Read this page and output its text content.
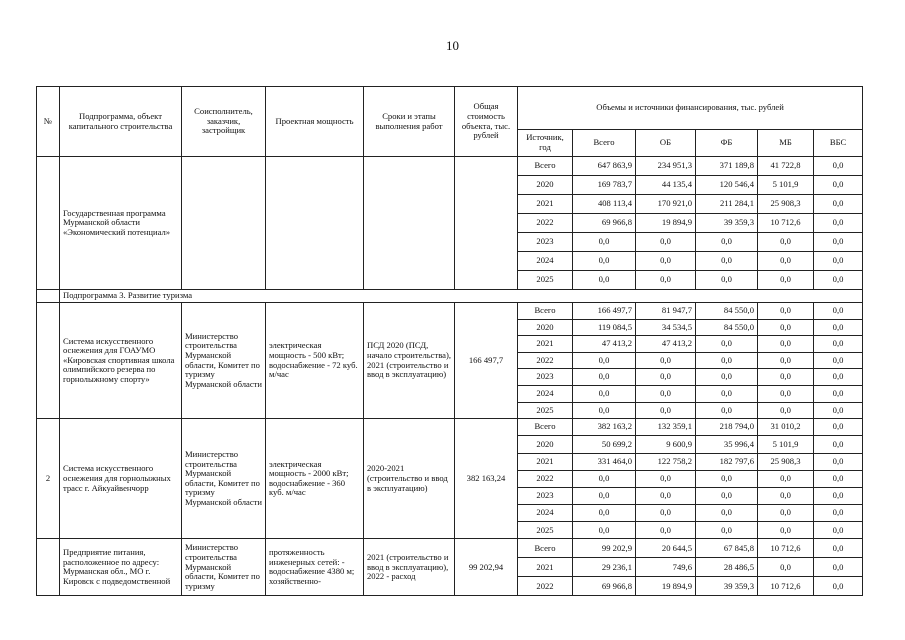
10
№	Подпрограмма, объект капитального строительства	Соисполнитель, заказчик, застройщик	Проектная мощность	Сроки и этапы выполнения работ	Общая стоимость объекта, тыс. рублей	Объемы и источники финансирования, тыс. рублей					
						Источник, год	Всего	ОБ	ФБ	МБ	ВБС
	Государственная программа Мурманской области «Экономический потенциал»					Всего	647 863,9	234 951,3	371 189,8	41 722,8	0,0
						2020	169 783,7	44 135,4	120 546,4	5 101,9	0,0
						2021	408 113,4	170 921,0	211 284,1	25 908,3	0,0
						2022	69 966,8	19 894,9	39 359,3	10 712,6	0,0
						2023	0,0	0,0	0,0	0,0	0,0
						2024	0,0	0,0	0,0	0,0	0,0
						2025	0,0	0,0	0,0	0,0	0,0
	Подпрограмма 3. Развитие туризма										
	Система искусственного оснежения для ГОАУМО «Кировская спортивная школа олимпийского резерва по горнолыжному спорту»	Министерство строительства Мурманской области, Комитет по туризму Мурманской области	электрическая мощность - 500 кВт; водоснабжение - 72 куб. м/час	ПСД 2020 (ПСД, начало строительства), 2021 (строительство и ввод в эксплуатацию)	166 497,7	Всего	166 497,7	81 947,7	84 550,0	0,0	0,0
						2020	119 084,5	34 534,5	84 550,0	0,0	0,0
						2021	47 413,2	47 413,2	0,0	0,0	0,0
						2022	0,0	0,0	0,0	0,0	0,0
						2023	0,0	0,0	0,0	0,0	0,0
						2024	0,0	0,0	0,0	0,0	0,0
						2025	0,0	0,0	0,0	0,0	0,0
2	Система искусственного оснежения для горнолыжных трасс г. Айкуайвенчорр	Министерство строительства Мурманской области, Комитет по туризму Мурманской области	электрическая мощность - 2000 кВт; водоснабжение - 360 куб. м/час	2020-2021 (строительство и ввод в эксплуатацию)	382 163,24	Всего	382 163,2	132 359,1	218 794,0	31 010,2	0,0
						2020	50 699,2	9 600,9	35 996,4	5 101,9	0,0
						2021	331 464,0	122 758,2	182 797,6	25 908,3	0,0
						2022	0,0	0,0	0,0	0,0	0,0
						2023	0,0	0,0	0,0	0,0	0,0
						2024	0,0	0,0	0,0	0,0	0,0
						2025	0,0	0,0	0,0	0,0	0,0
	Предприятие питания, расположенное по адресу: Мурманская обл., МО г. Кировск с подведомственной	Министерство строительства Мурманской области, Комитет по туризму	протяженность инженерных сетей: - водоснабжение 4380 м; хозяйственно-	2021 (строительство и ввод в эксплуатацию), 2022 - расход	99 202,94	Всего	99 202,9	20 644,5	67 845,8	10 712,6	0,0
						2021	29 236,1	749,6	28 486,5	0,0	0,0
						2022	69 966,8	19 894,9	39 359,3	10 712,6	0,0
